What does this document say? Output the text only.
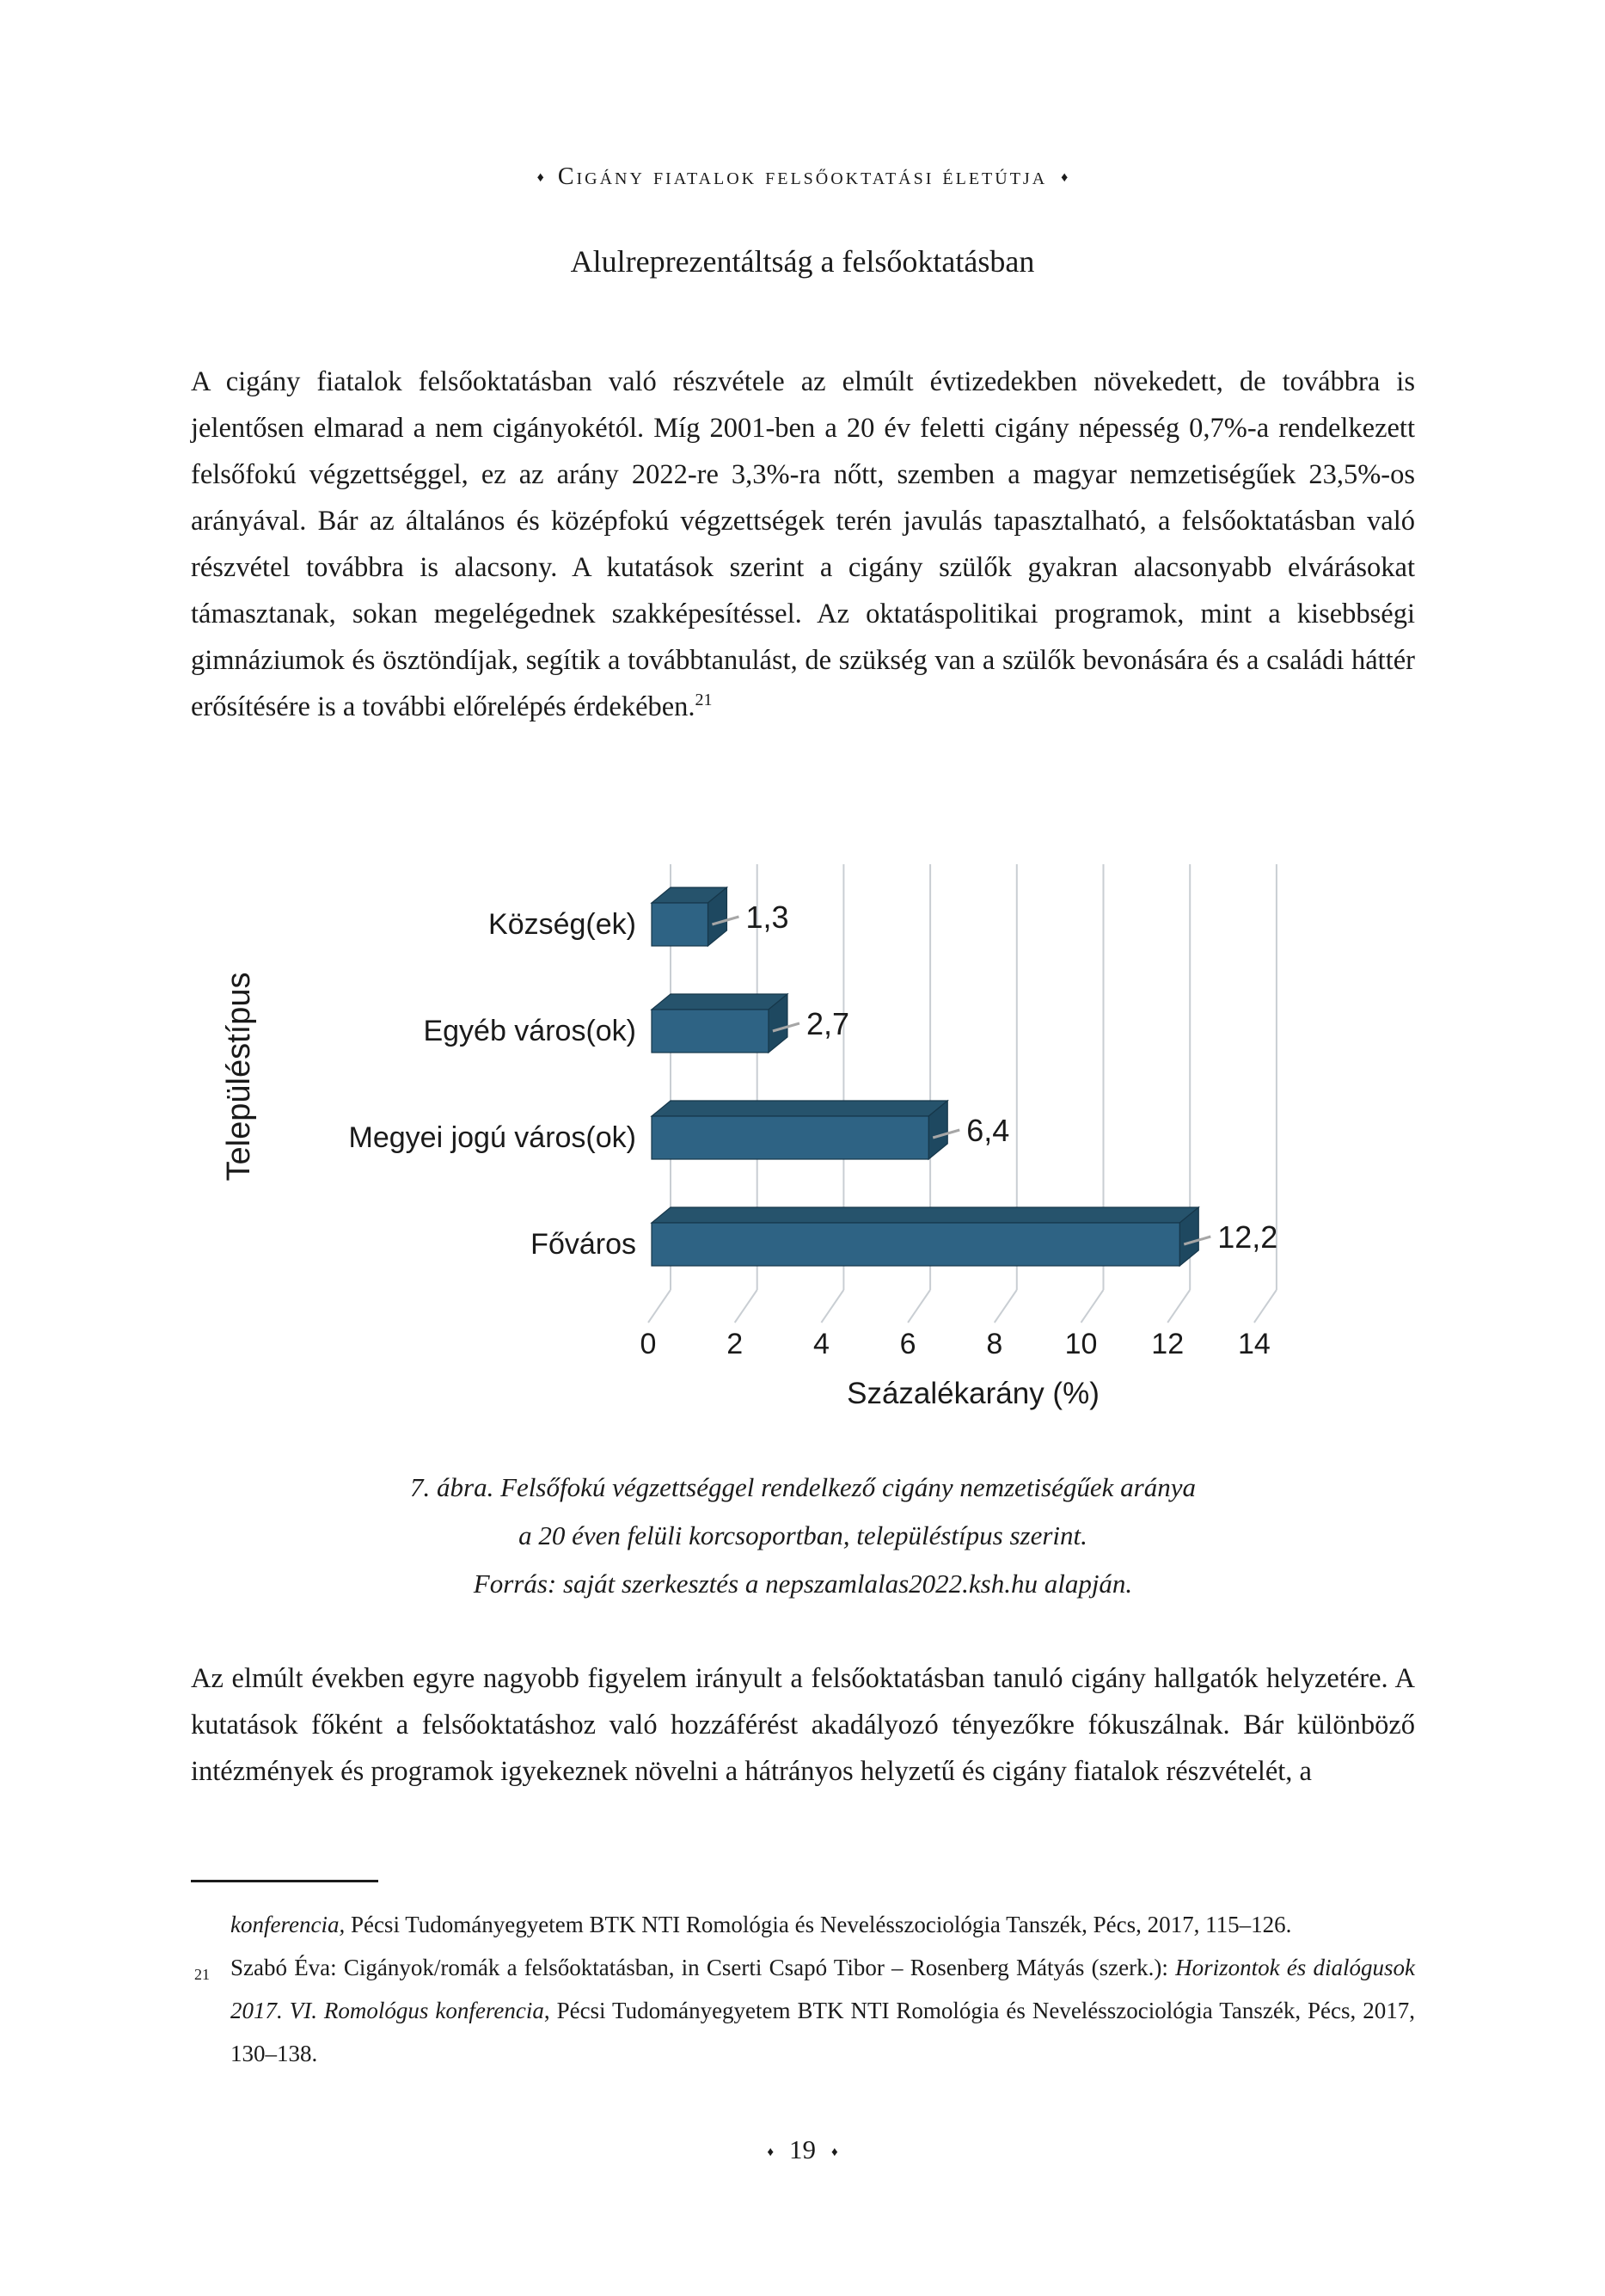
♦ Cigány fiatalok felsőoktatási életútja ♦
Alulreprezentáltság a felsőoktatásban

A cigány fiatalok felsőoktatásban való részvétele az elmúlt évtizedekben növekedett, de továbbra is jelentősen elmarad a nem cigányokétól. Míg 2001-ben a 20 év feletti cigány népesség 0,7%-a rendelkezett felsőfokú végzettséggel, ez az arány 2022-re 3,3%-ra nőtt, szemben a magyar nemzetiségűek 23,5%-os arányával. Bár az általános és középfokú végzettségek terén javulás tapasztalható, a felsőoktatásban való részvétel továbbra is alacsony. A kutatások szerint a cigány szülők gyakran alacsonyabb elvárásokat támasztanak, sokan megelégednek szakképesítéssel. Az oktatáspolitikai programok, mint a kisebbségi gimnáziumok és ösztöndíjak, segítik a továbbtanulást, de szükség van a szülők bevonására és a családi háttér erősítésére is a további előrelépés érdekében.$^{21}$

0 2 4 6 8 10 12 14
1,3
Község(ek)
2,7
Egyéb város(ok)
6,4
Megyei jogú város(ok)
12,2
Főváros
Százalékarány (%)
Településtípus
7. ábra. Felsőfokú végzettséggel rendelkező cigány nemzetiségűek aránya
a 20 éven felüli korcsoportban, településtípus szerint.
Forrás: saját szerkesztés a nepszamlalas2022.ksh.hu alapján.

Az elmúlt években egyre nagyobb figyelem irányult a felsőoktatásban tanuló cigány hallgatók helyzetére. A kutatások főként a felsőoktatáshoz való hozzáférést akadályozó tényezőkre fókuszálnak. Bár különböző intézmények és programok igyekeznek növelni a hátrányos helyzetű és cigány fiatalok részvételét, a

konferencia, Pécsi Tudományegyetem BTK NTI Romológia és Nevelésszociológia Tanszék, Pécs, 2017, 115–126.

21 Szabó Éva: Cigányok/romák a felsőoktatásban, in Cserti Csapó Tibor – Rosenberg Mátyás (szerk.): Horizontok és dialógusok 2017. VI. Romológus konferencia, Pécsi Tudományegyetem BTK NTI Romológia és Nevelésszociológia Tanszék, Pécs, 2017, 130–138.

♦ 19 ♦
